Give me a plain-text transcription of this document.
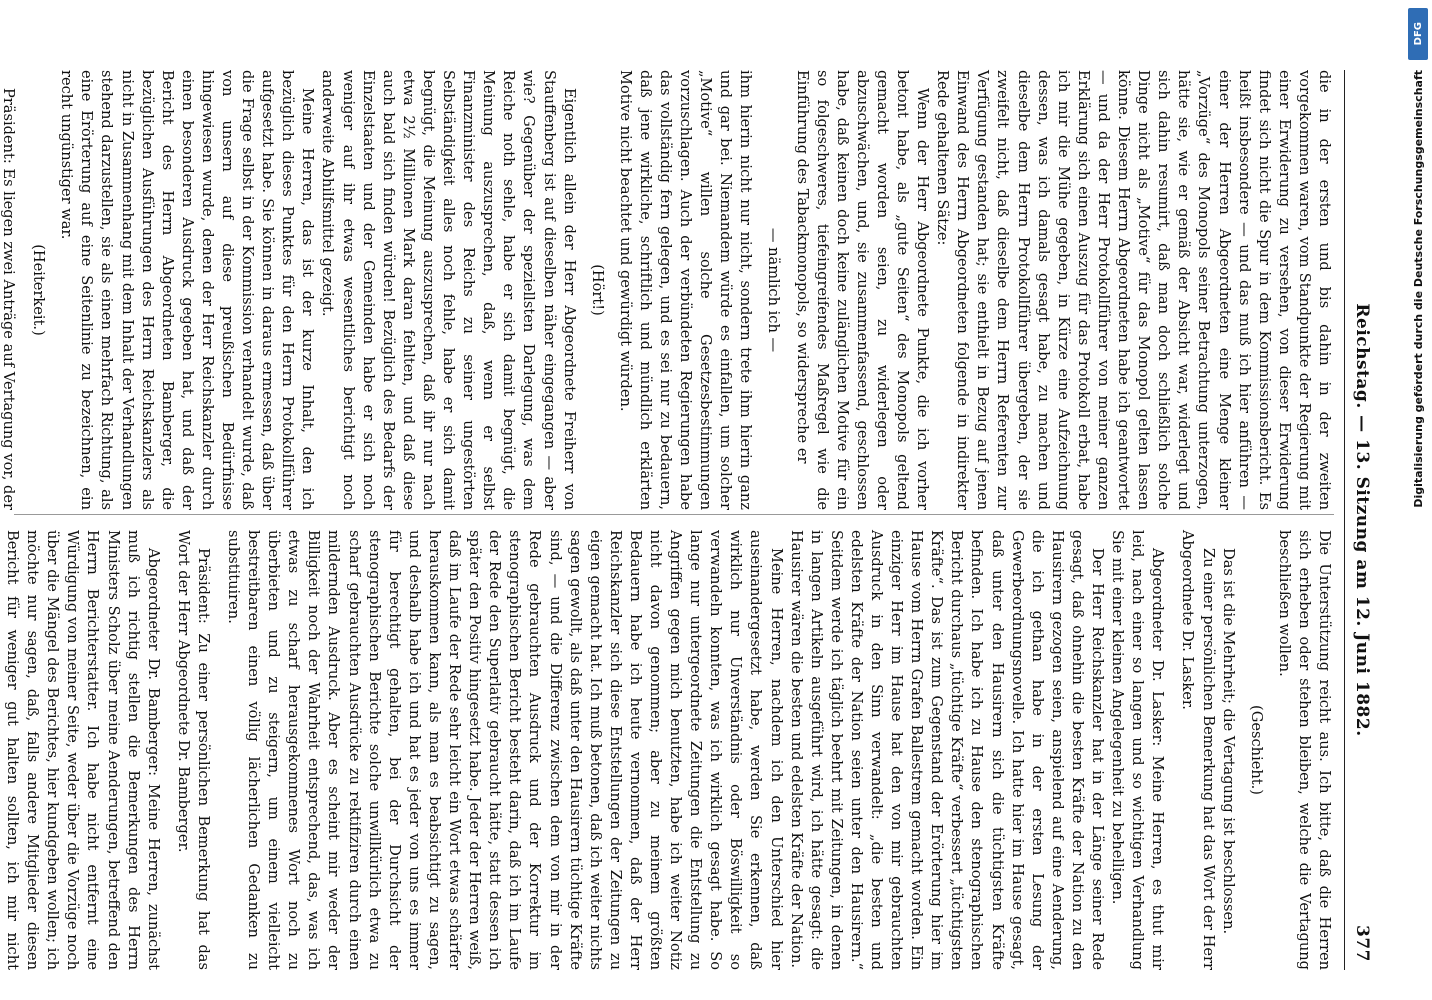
Reichstag. — 13. Sitzung am 12. Juni 1882.
377

die in der ersten und bis dahin in der zweiten vorgekommen waren, vom Standpunkte der Regierung mit einer Erwiderung zu versehen, von dieser Erwiderung findet sich nicht die Spur in dem Kommissionsbericht. Es heißt insbesondere — und das muß ich hier anführen — einer der Herren Abgeordneten eine Menge kleiner „Vorzüge“ des Monopols seiner Betrachtung unterzogen, hätte sie, wie er gemäß der Absicht war, widerlegt und sich dahin resumirt, daß man doch schließlich solche Dinge nicht als „Motive“ für das Monopol gelten lassen könne. Diesem Herrn Abgeordneten habe ich geantwortet — und da der Herr Protokollführer von meiner ganzen Erklärung sich einen Auszug für das Protokoll erbat, habe ich mir die Mühe gegeben, in Kürze eine Aufzeichnung dessen, was ich damals gesagt habe, zu machen und dieselbe dem Herrn Protokollführer übergeben, der sie zweifelt nicht, daß dieselbe dem Herrn Referenten zur Verfügung gestanden hat; sie enthielt in Bezug auf jenen Einwand des Herrn Abgeordneten folgende in indirekter Rede gehaltenen Sätze:

Wenn der Herr Abgeordnete Punkte, die ich vorher betont habe, als „gute Seiten“ des Monopols geltend gemacht worden seien, zu widerlegen oder abzuschwächen, und, sie zusammenfassend, geschlossen habe, daß keinen doch keine zulänglichen Motive für ein so folgeschweres, tiefeingreifendes Maßregel wie die Einführung des Tabackmonopols, so widerspreche er

— nämlich ich —

ihm hierin nicht nur nicht, sondern trete ihm hierin ganz und gar bei. Niemandem würde es einfallen, um solcher „Motive“ willen solche Gesetzesbestimmungen vorzuschlagen. Auch der verbündeten Regierungen habe das vollständig fern gelegen, und es sei nur zu bedauern, daß jene wirkliche, schriftlich und mündlich erklärten Motive nicht beachtet und gewürdigt würden.

(Hört!)

Eigentlich allein der Herr Abgeordnete Freiherr von Stauffenberg ist auf dieselben näher eingegangen — aber wie? Gegenüber der speziellsten Darlegung, was dem Reiche noth sehle, habe er sich damit begnügt, die Meinung auszusprechen, daß, wenn er selbst Finanzminister des Reichs zu seiner ungestörten Selbständigkeit alles noch fehle, habe er sich damit begnügt, die Meinung auszusprechen, daß ihr nur nach etwa 2½ Millionen Mark daran fehlten, und daß diese auch bald sich finden würden! Bezüglich des Bedarfs der Einzelstaaten und der Gemeinden habe er sich noch weniger auf ihr etwas wesentliches berichtigt noch anderweite Abhilfsmittel gezeigt.

Meine Herren, das ist der kurze Inhalt, den ich bezüglich dieses Punktes für den Herrn Protokollführer aufgesetzt habe. Sie können in daraus ermessen, daß über die Frage selbst in der Kommission verhandelt wurde, daß von unsern auf diese preußischen Bedürfnisse hingewiesen wurde, denen der Herr Reichskanzler durch einen besonderen Ausdruck gegeben hat, und daß der Bericht des Herrn Abgeordneten Bamberger, die bezüglichen Ausführungen des Herrn Reichskanzlers als nicht in Zusammenhang mit dem Inhalt der Verhandlungen stehend darzustellen, sie als einen mehrfach Richtung, als eine Erörterung auf eine Seitenlinie zu bezeichnen, ein recht ungünstiger war.

(Heiterkeit.)

Präsident: Es liegen zwei Anträge auf Vertagung vor, der

Die Unterstützung reicht aus. Ich bitte, daß die Herren sich erheben oder stehen bleiben, welche die Vertagung beschließen wollen.

(Geschieht.)

Das ist die Mehrheit; die Vertagung ist beschlossen.

Zu einer persönlichen Bemerkung hat das Wort der Herr Abgeordnete Dr. Lasker.

Abgeordneter Dr. Lasker: Meine Herren, es thut mir leid, nach einer so langen und so wichtigen Verhandlung Sie mit einer kleinen Angelegenheit zu behelligen.

Der Herr Reichskanzler hat in der Länge seiner Rede gesagt, daß ohnehin die besten Kräfte der Nation zu den Hausirern gezogen seien, anspielend auf eine Aenderung, die ich gethan habe in der ersten Lesung der Gewerbeordnungsnovelle. Ich hatte hier im Hause gesagt, daß unter den Hausirern sich die tüchtigsten Kräfte befinden. Ich habe ich zu Hause den stenographischen Bericht durchaus „tüchtige Kräfte“ verbessert „tüchtigsten Kräfte“. Das ist zum Gegenstand der Erörterung hier im Hause vom Herrn Grafen Ballestrem gemacht worden. Ein einziger Herr im Hause hat den von mir gebrauchten Ausdruck in den Sinn verwandelt: „die besten und edelsten Kräfte der Nation seien unter den Hausirern.“ Seitdem werde ich täglich beehrt mit Zeitungen, in denen in langen Artikeln ausgeführt wird, ich hätte gesagt: die Hausirer wären die besten und edelsten Kräfte der Nation.

Meine Herren, nachdem ich den Unterschied hier auseinandergesetzt habe, werden Sie erkennen, daß wirklich nur Unverständnis oder Böswilligkeit so verwandeln konnten, was ich wirklich gesagt habe. So lange nur untergeordnete Zeitungen die Entstellung zu Angriffen gegen mich benutzten, habe ich weiter Notiz nicht davon genommen; aber zu meinem größten Bedauern habe ich heute vernommen, daß der Herr Reichskanzler sich diese Entstellungen der Zeitungen zu eigen gemacht hat. Ich muß betonen, daß ich weiter nichts sagen gewollt, als daß unter den Hausirern tüchtige Kräfte sind, — und die Differenz zwischen dem von mir in der Rede gebrauchten Ausdruck und der Korrektur im stenographischen Bericht besteht darin, daß ich im Laufe der Rede den Superlativ gebraucht hätte, statt dessen ich später den Positiv hingesetzt habe. Jeder der Herren weiß, daß im Laufe der Rede sehr leicht ein Wort etwas schärfer herauskommen kann, als man es beabsichtigt zu sagen, und deshalb habe ich und hat es jeder von uns es immer für berechtigt gehalten, bei der Durchsicht der stenographischen Berichte solche unwillkürlich etwa zu scharf gebrauchten Ausdrücke zu rektifiziren durch einen mildernden Ausdruck. Aber es scheint mir weder der Billigkeit noch der Wahrheit entsprechend, das, was ich etwas zu scharf herausgekommenes Wort noch zu überbieten und zu steigern, um einem vielleicht bestreitbaren einen völlig lächerlichen Gedanken zu substituiren.

Präsident: Zu einer persönlichen Bemerkung hat das Wort der Herr Abgeordnete Dr. Bamberger.

Abgeordneter Dr. Bamberger: Meine Herren, zunächst muß ich richtig stellen die Bemerkungen des Herrn Ministers Scholz über meine Aenderungen, betreffend den Herrn Berichterstatter. Ich habe nicht entfernt eine Würdigung von meiner Seite, weder über die Vorzüge noch über die Mängel des Berichtes, hier kundgeben wollen; ich möchte nur sagen, daß, falls andere Mitglieder diesen Bericht für weniger gut halten sollten, ich mir nicht

Digitalisierung gefördert durch die Deutsche Forschungsgemeinschaft
DFG
